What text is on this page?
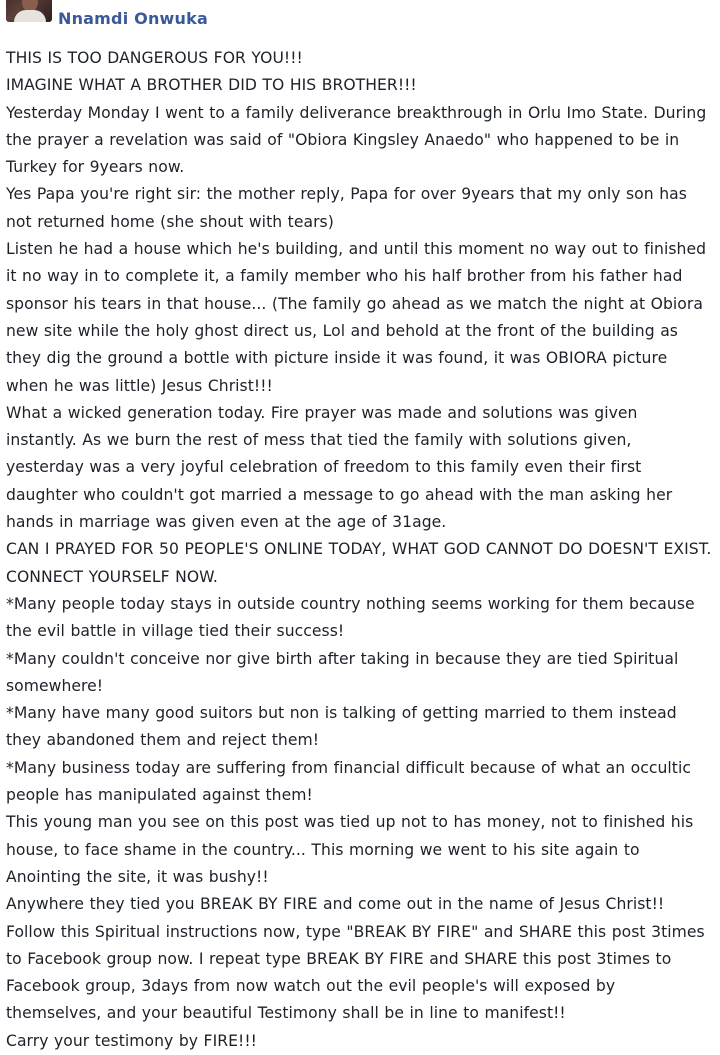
Nnamdi Onwuka
THIS IS TOO DANGEROUS FOR YOU!!!
IMAGINE WHAT A BROTHER DID TO HIS BROTHER!!!
Yesterday Monday I went to a family deliverance breakthrough in Orlu Imo State. During the prayer a revelation was said of "Obiora Kingsley Anaedo" who happened to be in Turkey for 9years now.
Yes Papa you're right sir: the mother reply, Papa for over 9years that my only son has not returned home (she shout with tears)
Listen he had a house which he's building, and until this moment no way out to finished it no way in to complete it, a family member who his half brother from his father had sponsor his tears in that house... (The family go ahead as we match the night at Obiora new site while the holy ghost direct us, Lol and behold at the front of the building as they dig the ground a bottle with picture inside it was found, it was OBIORA picture when he was little) Jesus Christ!!!
What a wicked generation today. Fire prayer was made and solutions was given instantly. As we burn the rest of mess that tied the family with solutions given, yesterday was a very joyful celebration of freedom to this family even their first daughter who couldn't got married a message to go ahead with the man asking her hands in marriage was given even at the age of 31age.
CAN I PRAYED FOR 50 PEOPLE'S ONLINE TODAY, WHAT GOD CANNOT DO DOESN'T EXIST. CONNECT YOURSELF NOW.
*Many people today stays in outside country nothing seems working for them because the evil battle in village tied their success!
*Many couldn't conceive nor give birth after taking in because they are tied Spiritual somewhere!
*Many have many good suitors but non is talking of getting married to them instead they abandoned them and reject them!
*Many business today are suffering from financial difficult because of what an occultic people has manipulated against them!
This young man you see on this post was tied up not to has money, not to finished his house, to face shame in the country... This morning we went to his site again to Anointing the site, it was bushy!!
Anywhere they tied you BREAK BY FIRE and come out in the name of Jesus Christ!!
Follow this Spiritual instructions now, type "BREAK BY FIRE" and SHARE this post 3times to Facebook group now. I repeat type BREAK BY FIRE and SHARE this post 3times to Facebook group, 3days from now watch out the evil people's will exposed by themselves, and your beautiful Testimony shall be in line to manifest!!
Carry your testimony by FIRE!!!
